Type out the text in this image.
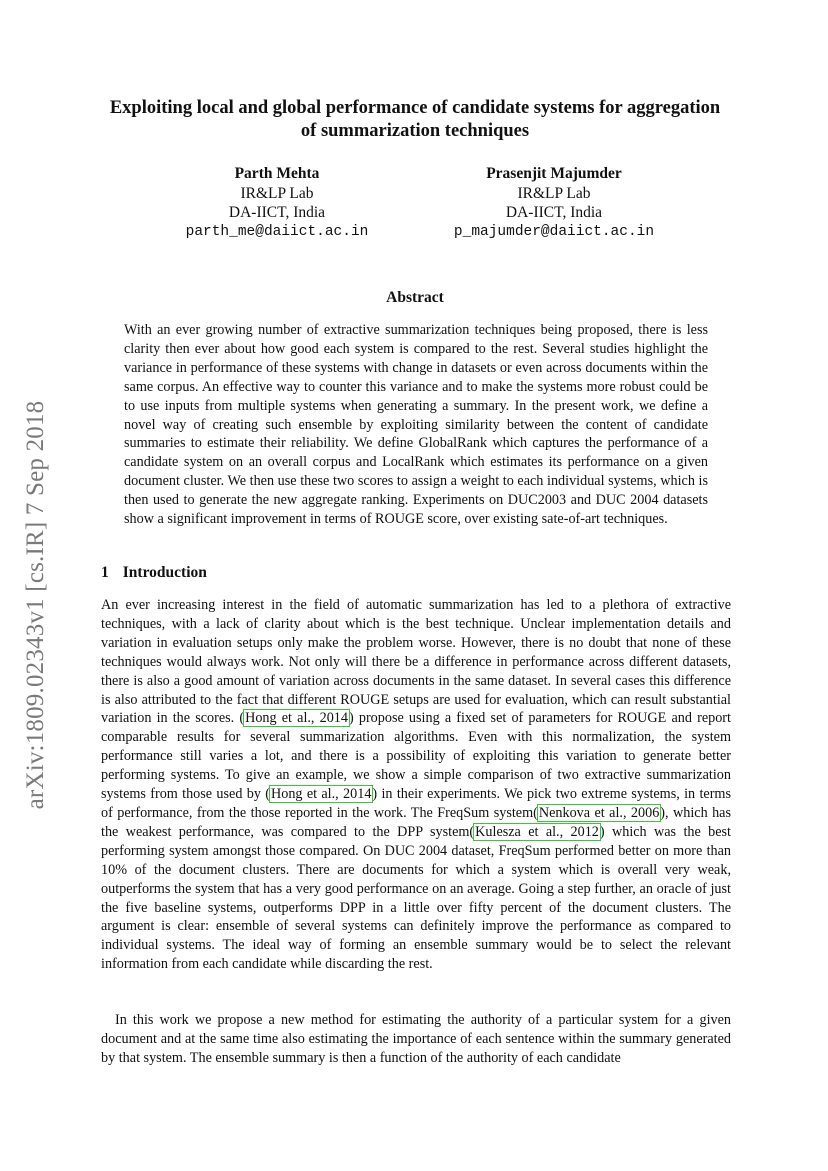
arXiv:1809.02343v1 [cs.IR] 7 Sep 2018
Exploiting local and global performance of candidate systems for aggregation of summarization techniques
Parth Mehta
IR&LP Lab
DA-IICT, India
parth_me@daiict.ac.in
Prasenjit Majumder
IR&LP Lab
DA-IICT, India
p_majumder@daiict.ac.in
Abstract
With an ever growing number of extractive summarization techniques being proposed, there is less clarity then ever about how good each system is compared to the rest. Several studies highlight the variance in performance of these systems with change in datasets or even across documents within the same corpus. An effective way to counter this variance and to make the systems more robust could be to use inputs from multiple systems when generating a summary. In the present work, we define a novel way of creating such ensemble by exploiting similarity between the content of candidate summaries to estimate their reliability. We define GlobalRank which captures the performance of a candidate system on an overall corpus and LocalRank which estimates its performance on a given document cluster. We then use these two scores to assign a weight to each individual systems, which is then used to generate the new aggregate ranking. Experiments on DUC2003 and DUC 2004 datasets show a significant improvement in terms of ROUGE score, over existing sate-of-art techniques.
1 Introduction
An ever increasing interest in the field of automatic summarization has led to a plethora of extractive techniques, with a lack of clarity about which is the best technique. Unclear implementation details and variation in evaluation setups only make the problem worse. However, there is no doubt that none of these techniques would always work. Not only will there be a difference in performance across different datasets, there is also a good amount of variation across documents in the same dataset. In several cases this difference is also attributed to the fact that different ROUGE setups are used for evaluation, which can result substantial variation in the scores. (Hong et al., 2014) propose using a fixed set of parameters for ROUGE and report comparable results for several summarization algorithms. Even with this normalization, the system performance still varies a lot, and there is a possibility of exploiting this variation to generate better performing systems. To give an example, we show a simple comparison of two extractive summarization systems from those used by (Hong et al., 2014) in their experiments. We pick two extreme systems, in terms of performance, from the those reported in the work. The FreqSum system(Nenkova et al., 2006), which has the weakest performance, was compared to the DPP system(Kulesza et al., 2012) which was the best performing system amongst those compared. On DUC 2004 dataset, FreqSum performed better on more than 10% of the document clusters. There are documents for which a system which is overall very weak, outperforms the system that has a very good performance on an average. Going a step further, an oracle of just the five baseline systems, outperforms DPP in a little over fifty percent of the document clusters. The argument is clear: ensemble of several systems can definitely improve the performance as compared to individual systems. The ideal way of forming an ensemble summary would be to select the relevant information from each candidate while discarding the rest.
In this work we propose a new method for estimating the authority of a particular system for a given document and at the same time also estimating the importance of each sentence within the summary generated by that system. The ensemble summary is then a function of the authority of each candidate
